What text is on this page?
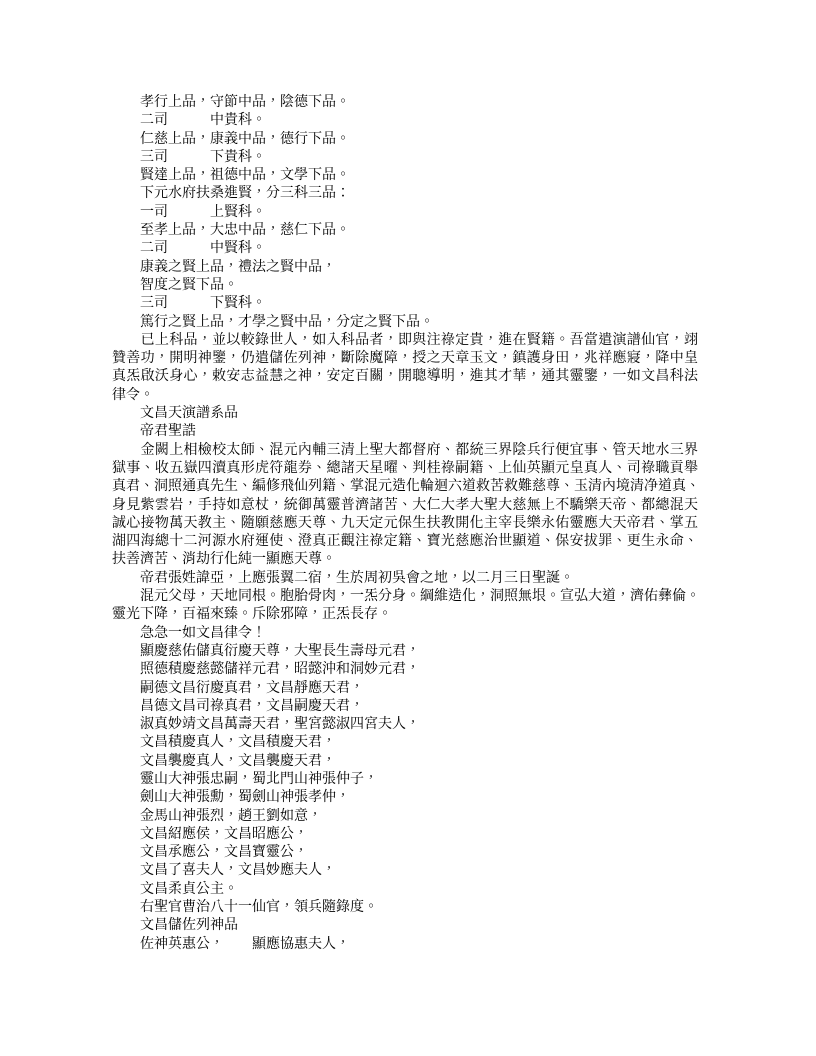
　　孝行上品，守節中品，陰德下品。
　　二司　　　中貴科。
　　仁慈上品，康義中品，德行下品。
　　三司　　　下貴科。
　　賢達上品，祖德中品，文學下品。
　　下元水府扶桑進賢，分三科三品：
　　一司　　　上賢科。
　　至孝上品，大忠中品，慈仁下品。
　　二司　　　中賢科。
　　康義之賢上品，禮法之賢中品，
　　智度之賢下品。
　　三司　　　下賢科。
　　篤行之賢上品，才學之賢中品，分定之賢下品。
　　已上科品，並以較錄世人，如入科品者，即與注祿定貴，進在賢籍。吾當遣演譜仙官，翊
贊善功，開明神鑒，仍遣儲佐列神，斷除魔障，授之天章玉文，鎮護身田，兆祥應寢，降中皇
真炁啟沃身心，敕安志益慧之神，安定百關，開聰導明，進其才華，通其靈鑒，一如文昌科法
律令。
　　文昌天演譜系品
　　帝君聖誥
　　金闕上相檢校太師、混元內輔三清上聖大都督府、都統三界陰兵行便宜事、管天地水三界
獄事、收五嶽四瀆真形虎符龍券、總諸天星曜、判桂祿嗣籍、上仙英顯元皇真人、司祿職貢舉
真君、洞照通真先生、編修飛仙列籍、掌混元造化輪迴六道救苦救難慈尊、玉清內境清净道真、
身見紫雲岩，手持如意杖，統御萬靈普濟諸苦、大仁大孝大聖大慈無上不驕樂天帝、都總混天
誠心接物萬天教主、隨願慈應天尊、九天定元保生扶教開化主宰長樂永佑靈應大天帝君、掌五
湖四海總十二河源水府運使、澄真正觀注祿定籍、寶光慈應治世顯道、保安拔罪、更生永命、
扶善濟苦、消劫行化純一顯應天尊。
　　帝君張姓諱亞，上應張翼二宿，生於周初吳會之地，以二月三日聖誕。
　　混元父母，天地同根。胞胎骨肉，一炁分身。綱維造化，洞照無垠。宣弘大道，濟佑彝倫。
靈光下降，百福來臻。斥除邪障，正炁長存。
　　急急一如文昌律令！
　　顯慶慈佑儲真衍慶天尊，大聖長生壽母元君，
　　照德積慶慈懿儲祥元君，昭懿沖和洞妙元君，
　　嗣德文昌衍慶真君，文昌靜應天君，
　　昌德文昌司祿真君，文昌嗣慶天君，
　　淑真妙靖文昌萬壽天君，聖宮懿淑四宮夫人，
　　文昌積慶真人，文昌積慶天君，
　　文昌襲慶真人，文昌襲慶天君，
　　靈山大神張忠嗣，蜀北門山神張仲子，
　　劍山大神張勳，蜀劍山神張孝仲，
　　金馬山神張烈，趙王劉如意，
　　文昌紹應侯，文昌昭應公，
　　文昌承應公，文昌寶靈公，
　　文昌了喜夫人，文昌妙應夫人，
　　文昌柔貞公主。
　　右聖官曹治八十一仙官，領兵隨錄度。
　　文昌儲佐列神品
　　佐神英惠公，　　顯應協惠夫人，
